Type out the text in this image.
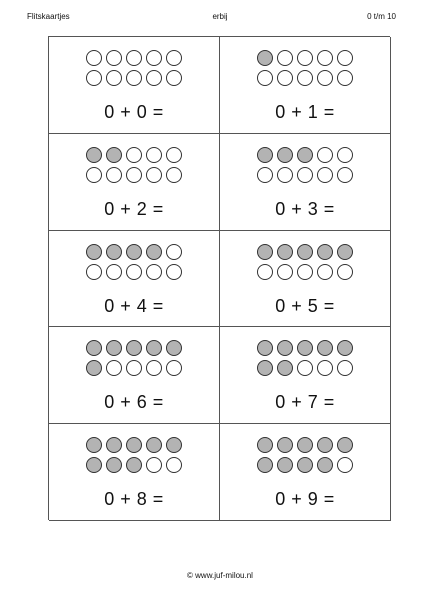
Flitskaartjes	erbij	0 t/m 10
0 + 0 =	0 + 1 =
0 + 2 =	0 + 3 =
0 + 4 =	0 + 5 =
0 + 6 =	0 + 7 =
0 + 8 =	0 + 9 =
© www.juf-milou.nl
